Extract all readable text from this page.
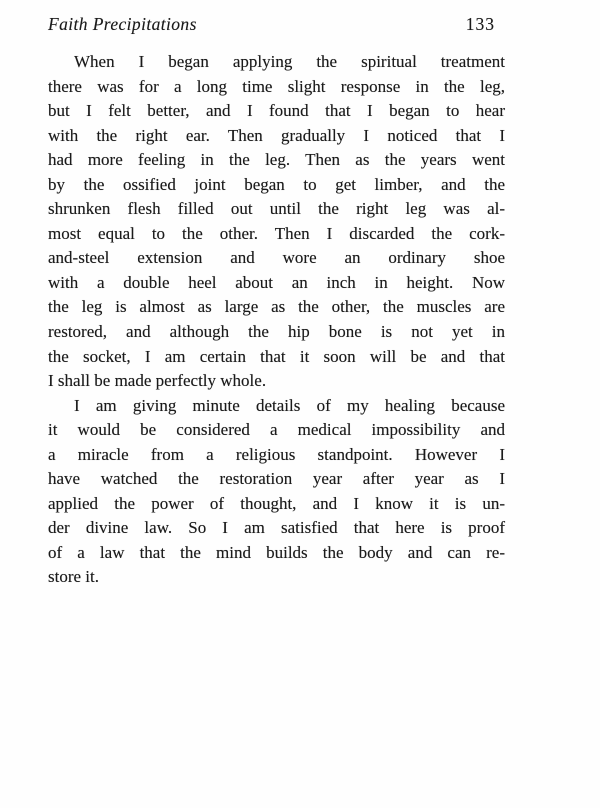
Faith Precipitations	133
When I began applying the spiritual treatment
there was for a long time slight response in the leg,
but I felt better, and I found that I began to hear
with the right ear. Then gradually I noticed that I
had more feeling in the leg. Then as the years went
by the ossified joint began to get limber, and the
shrunken flesh filled out until the right leg was al-
most equal to the other. Then I discarded the cork-
and-steel extension and wore an ordinary shoe
with a double heel about an inch in height. Now
the leg is almost as large as the other, the muscles are
restored, and although the hip bone is not yet in
the socket, I am certain that it soon will be and that
I shall be made perfectly whole.
I am giving minute details of my healing because
it would be considered a medical impossibility and
a miracle from a religious standpoint. However I
have watched the restoration year after year as I
applied the power of thought, and I know it is un-
der divine law. So I am satisfied that here is proof
of a law that the mind builds the body and can re-
store it.
